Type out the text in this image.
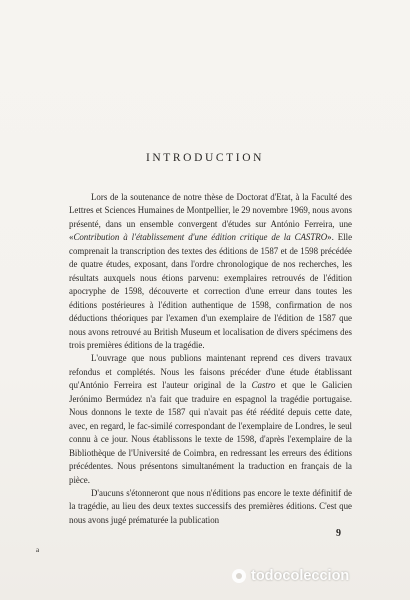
INTRODUCTION

Lors de la soutenance de notre thèse de Doctorat d'Etat, à la Faculté des Lettres et Sciences Humaines de Montpellier, le 29 novembre 1969, nous avons présenté, dans un ensemble convergent d'études sur António Ferreira, une «Contribution à l'établissement d'une édition critique de la CASTRO». Elle comprenait la transcription des textes des éditions de 1587 et de 1598 précédée de quatre études, exposant, dans l'ordre chronologique de nos recherches, les résultats auxquels nous étions parvenu: exemplaires retrouvés de l'édition apocryphe de 1598, découverte et correction d'une erreur dans toutes les éditions postérieures à l'édition authentique de 1598, confirmation de nos déductions théoriques par l'examen d'un exemplaire de l'édition de 1587 que nous avons retrouvé au British Museum et localisation de divers spécimens des trois premières éditions de la tragédie.

L'ouvrage que nous publions maintenant reprend ces divers travaux refondus et complétés. Nous les faisons précéder d'une étude établissant qu'António Ferreira est l'auteur original de la Castro et que le Galicien Jerónimo Bermúdez n'a fait que traduire en espagnol la tragédie portugaise. Nous donnons le texte de 1587 qui n'avait pas été réédité depuis cette date, avec, en regard, le fac-similé correspondant de l'exemplaire de Londres, le seul connu à ce jour. Nous établissons le texte de 1598, d'après l'exemplaire de la Bibliothèque de l'Université de Coimbra, en redressant les erreurs des éditions précédentes. Nous présentons simultanément la traduction en français de la pièce.

D'aucuns s'étonneront que nous n'éditions pas encore le texte définitif de la tragédie, au lieu des deux textes successifs des premières éditions. C'est que nous avons jugé prématurée la publication

9
a
todocoleccion
